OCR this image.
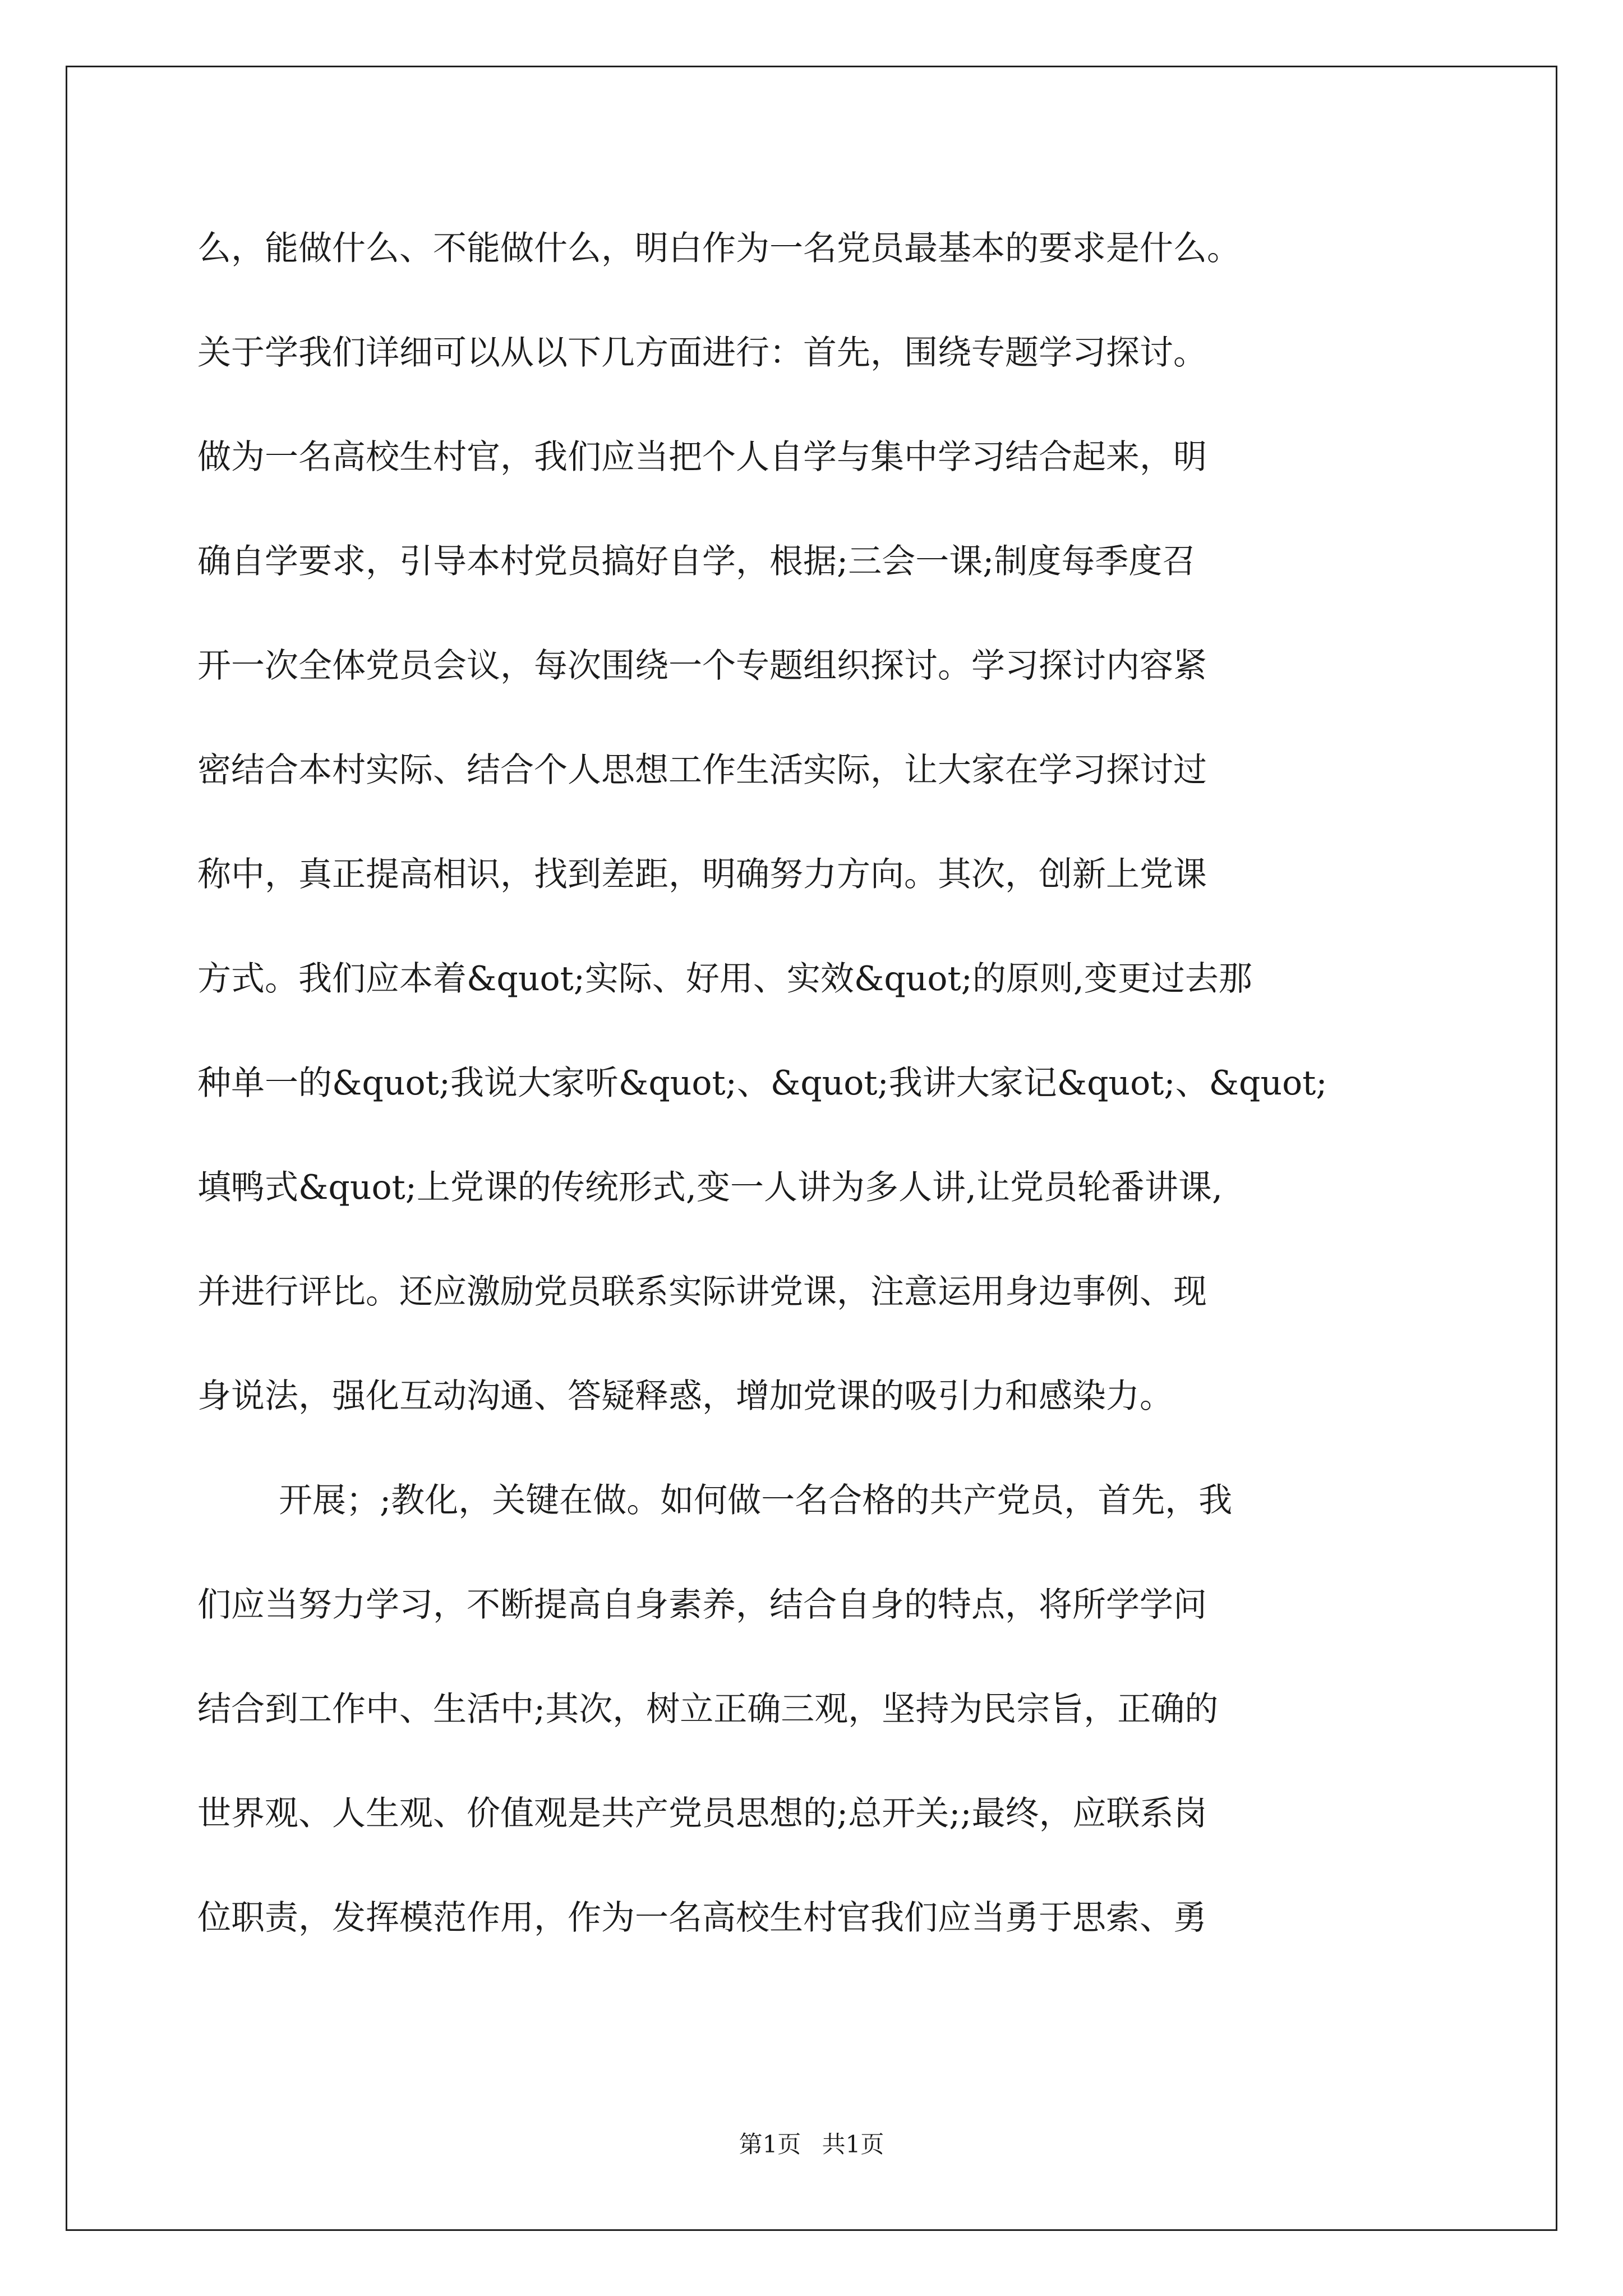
么，能做什么、不能做什么，明白作为一名党员最基本的要求是什么。
关于学我们详细可以从以下几方面进行：首先，围绕专题学习探讨。
做为一名高校生村官，我们应当把个人自学与集中学习结合起来，明
确自学要求，引导本村党员搞好自学，根据;三会一课;制度每季度召
开一次全体党员会议，每次围绕一个专题组织探讨。学习探讨内容紧
密结合本村实际、结合个人思想工作生活实际，让大家在学习探讨过
称中，真正提高相识，找到差距，明确努力方向。其次，创新上党课
方式。我们应本着&quot;实际、好用、实效&quot;的原则,变更过去那
种单一的&quot;我说大家听&quot;、&quot;我讲大家记&quot;、&quot;
填鸭式&quot;上党课的传统形式,变一人讲为多人讲,让党员轮番讲课,
并进行评比。还应激励党员联系实际讲党课，注意运用身边事例、现
身说法，强化互动沟通、答疑释惑，增加党课的吸引力和感染力。
开展；;教化，关键在做。如何做一名合格的共产党员，首先，我
们应当努力学习，不断提高自身素养，结合自身的特点，将所学学问
结合到工作中、生活中;其次，树立正确三观，坚持为民宗旨，正确的
世界观、人生观、价值观是共产党员思想的;总开关;;最终，应联系岗
位职责，发挥模范作用，作为一名高校生村官我们应当勇于思索、勇
第1页 共1页
